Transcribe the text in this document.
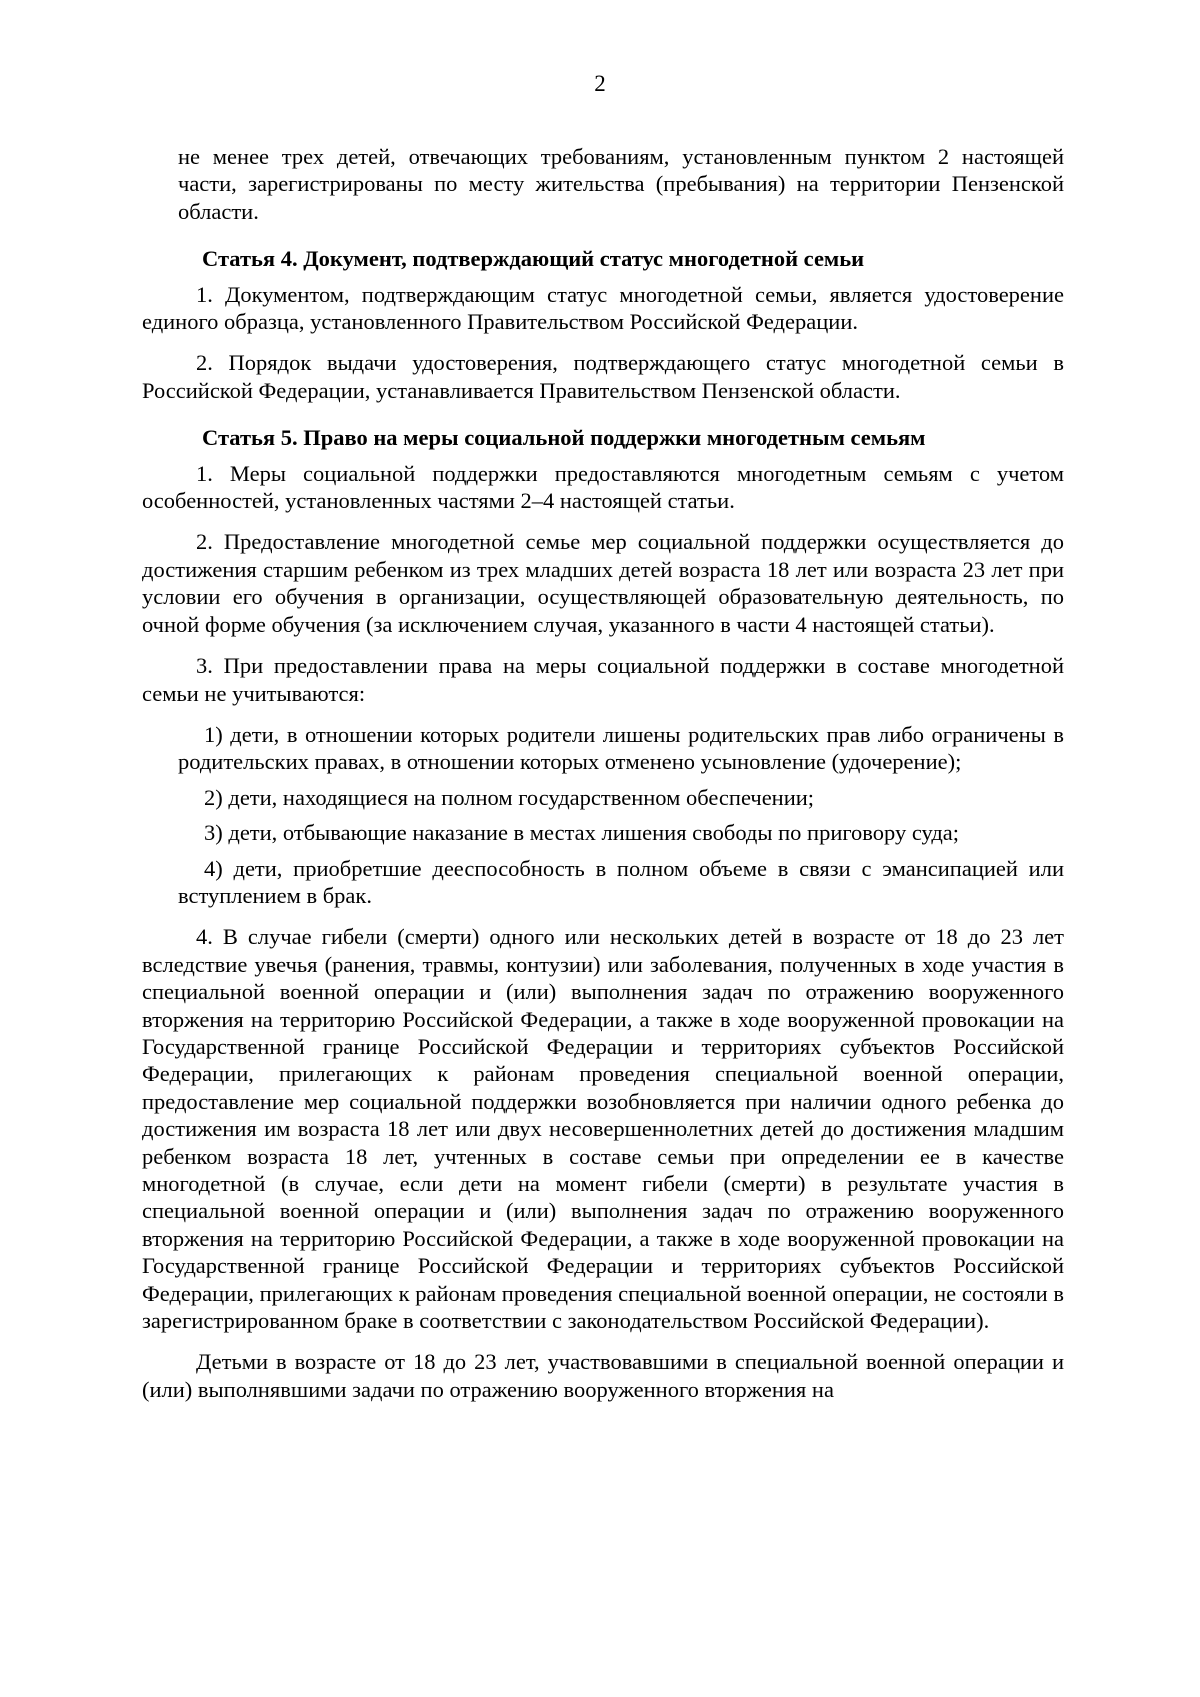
2

не менее трех детей, отвечающих требованиям, установленным пунктом 2 настоящей части, зарегистрированы по месту жительства (пребывания) на территории Пензенской области.

Статья 4. Документ, подтверждающий статус многодетной семьи

1. Документом, подтверждающим статус многодетной семьи, является удостоверение единого образца, установленного Правительством Российской Федерации.

2. Порядок выдачи удостоверения, подтверждающего статус многодетной семьи в Российской Федерации, устанавливается Правительством Пензенской области.

Статья 5. Право на меры социальной поддержки многодетным семьям

1. Меры социальной поддержки предоставляются многодетным семьям с учетом особенностей, установленных частями 2–4 настоящей статьи.

2. Предоставление многодетной семье мер социальной поддержки осуществляется до достижения старшим ребенком из трех младших детей возраста 18 лет или возраста 23 лет при условии его обучения в организации, осуществляющей образовательную деятельность, по очной форме обучения (за исключением случая, указанного в части 4 настоящей статьи).

3. При предоставлении права на меры социальной поддержки в составе многодетной семьи не учитываются:

1) дети, в отношении которых родители лишены родительских прав либо ограничены в родительских правах, в отношении которых отменено усыновление (удочерение);

2) дети, находящиеся на полном государственном обеспечении;

3) дети, отбывающие наказание в местах лишения свободы по приговору суда;

4) дети, приобретшие дееспособность в полном объеме в связи с эмансипацией или вступлением в брак.

4. В случае гибели (смерти) одного или нескольких детей в возрасте от 18 до 23 лет вследствие увечья (ранения, травмы, контузии) или заболевания, полученных в ходе участия в специальной военной операции и (или) выполнения задач по отражению вооруженного вторжения на территорию Российской Федерации, а также в ходе вооруженной провокации на Государственной границе Российской Федерации и территориях субъектов Российской Федерации, прилегающих к районам проведения специальной военной операции, предоставление мер социальной поддержки возобновляется при наличии одного ребенка до достижения им возраста 18 лет или двух несовершеннолетних детей до достижения младшим ребенком возраста 18 лет, учтенных в составе семьи при определении ее в качестве многодетной (в случае, если дети на момент гибели (смерти) в результате участия в специальной военной операции и (или) выполнения задач по отражению вооруженного вторжения на территорию Российской Федерации, а также в ходе вооруженной провокации на Государственной границе Российской Федерации и территориях субъектов Российской Федерации, прилегающих к районам проведения специальной военной операции, не состояли в зарегистрированном браке в соответствии с законодательством Российской Федерации).

Детьми в возрасте от 18 до 23 лет, участвовавшими в специальной военной операции и (или) выполнявшими задачи по отражению вооруженного вторжения на
